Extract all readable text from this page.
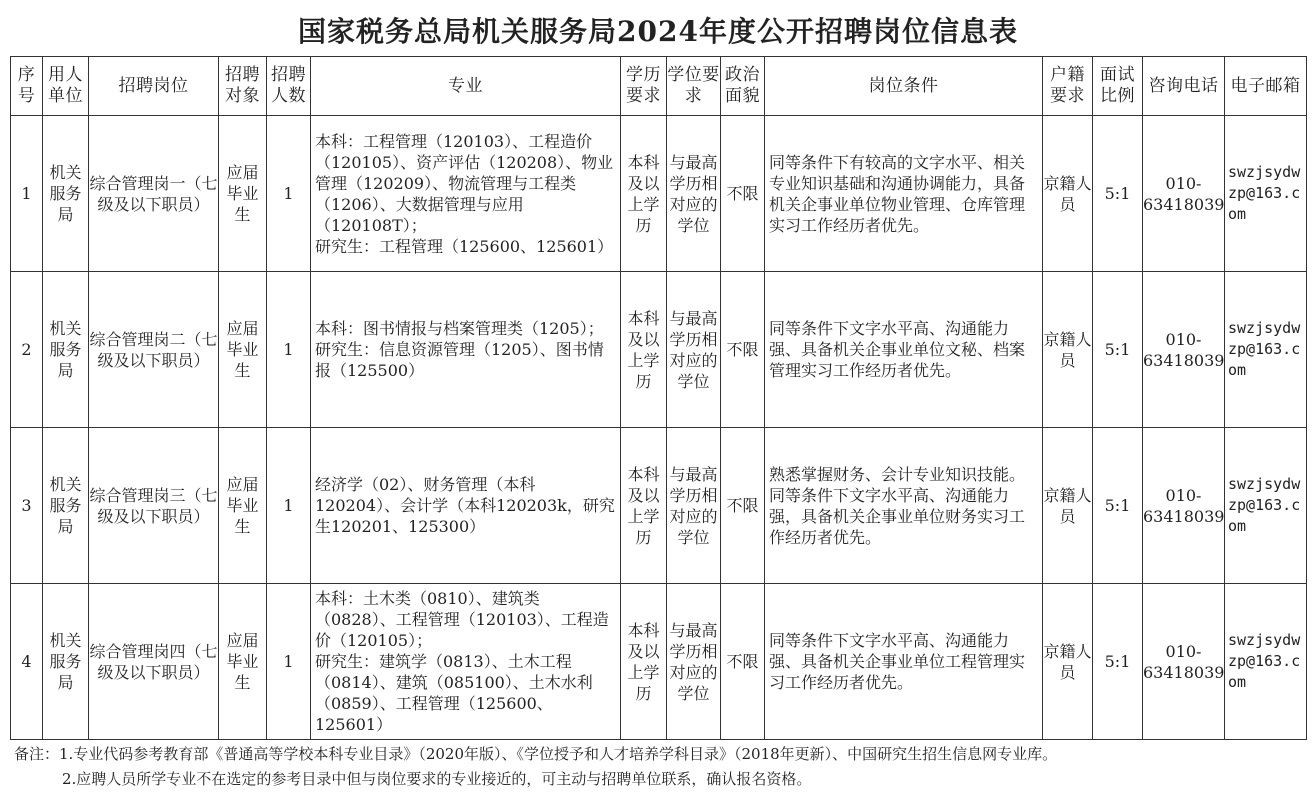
国家税务总局机关服务局2024年度公开招聘岗位信息表
序号	用人单位	招聘岗位	招聘对象	招聘人数	专业	学历要求	学位要求	政治面貌	岗位条件	户籍要求	面试比例	咨询电话	电子邮箱
1	机关服务局	综合管理岗一（七级及以下职员）	应届毕业生	1	本科：工程管理（120103）、工程造价（120105）、资产评估（120208）、物业管理（120209）、物流管理与工程类（1206）、大数据管理与应用（120108T）；
研究生：工程管理（125600、125601）	本科及以上学历	与最高学历相对应的学位	不限	同等条件下有较高的文字水平、相关专业知识基础和沟通协调能力，具备机关企事业单位物业管理、仓库管理实习工作经历者优先。	京籍人员	5:1	010-63418039	swzjsydwzp@163.com
2	机关服务局	综合管理岗二（七级及以下职员）	应届毕业生	1	本科：图书情报与档案管理类（1205）；
研究生：信息资源管理（1205）、图书情报（125500）	本科及以上学历	与最高学历相对应的学位	不限	同等条件下文字水平高、沟通能力强、具备机关企事业单位文秘、档案管理实习工作经历者优先。	京籍人员	5:1	010-63418039	swzjsydwzp@163.com
3	机关服务局	综合管理岗三（七级及以下职员）	应届毕业生	1	经济学（02）、财务管理（本科120204）、会计学（本科120203k，研究生120201、125300）	本科及以上学历	与最高学历相对应的学位	不限	熟悉掌握财务、会计专业知识技能。同等条件下文字水平高、沟通能力强，具备机关企事业单位财务实习工作经历者优先。	京籍人员	5:1	010-63418039	swzjsydwzp@163.com
4	机关服务局	综合管理岗四（七级及以下职员）	应届毕业生	1	本科：土木类（0810）、建筑类（0828）、工程管理（120103）、工程造价（120105）；
研究生：建筑学（0813）、土木工程（0814）、建筑（085100）、土木水利（0859）、工程管理（125600、125601）	本科及以上学历	与最高学历相对应的学位	不限	同等条件下文字水平高、沟通能力强、具备机关企事业单位工程管理实习工作经历者优先。	京籍人员	5:1	010-63418039	swzjsydwzp@163.com
备注：1.专业代码参考教育部《普通高等学校本科专业目录》（2020年版）、《学位授予和人才培养学科目录》（2018年更新）、中国研究生招生信息网专业库。
2.应聘人员所学专业不在选定的参考目录中但与岗位要求的专业接近的，可主动与招聘单位联系，确认报名资格。
